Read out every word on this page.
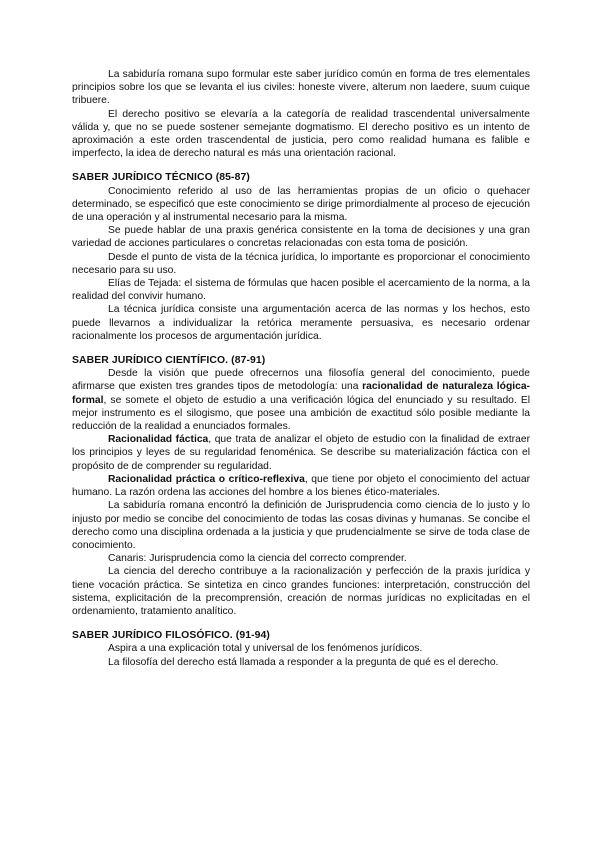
La sabiduría romana supo formular este saber jurídico común en forma de tres elementales principios sobre los que se levanta el ius civiles: honeste vivere, alterum non laedere, suum cuique tribuere.

El derecho positivo se elevaría a la categoría de realidad trascendental universalmente válida y, que no se puede sostener semejante dogmatismo. El derecho positivo es un intento de aproximación a este orden trascendental de justicia, pero como realidad humana es falible e imperfecto, la idea de derecho natural es más una orientación racional.

SABER JURÍDICO TÉCNICO (85-87)

Conocimiento referido al uso de las herramientas propias de un oficio o quehacer determinado, se especificó que este conocimiento se dirige primordialmente al proceso de ejecución de una operación y al instrumental necesario para la misma.

Se puede hablar de una praxis genérica consistente en la toma de decisiones y una gran variedad de acciones particulares o concretas relacionadas con esta toma de posición.

Desde el punto de vista de la técnica jurídica, lo importante es proporcionar el conocimiento necesario para su uso.

Elías de Tejada: el sistema de fórmulas que hacen posible el acercamiento de la norma, a la realidad del convivir humano.

La técnica jurídica consiste una argumentación acerca de las normas y los hechos, esto puede llevarnos a individualizar la retórica meramente persuasiva, es necesario ordenar racionalmente los procesos de argumentación jurídica.

SABER JURÍDICO CIENTÍFICO. (87-91)

Desde la visión que puede ofrecernos una filosofía general del conocimiento, puede afirmarse que existen tres grandes tipos de metodología: una racionalidad de naturaleza lógica-formal, se somete el objeto de estudio a una verificación lógica del enunciado y su resultado. El mejor instrumento es el silogismo, que posee una ambición de exactitud sólo posible mediante la reducción de la realidad a enunciados formales.

Racionalidad fáctica, que trata de analizar el objeto de estudio con la finalidad de extraer los principios y leyes de su regularidad fenoménica. Se describe su materialización fáctica con el propósito de de comprender su regularidad.

Racionalidad práctica o crítico-reflexiva, que tiene por objeto el conocimiento del actuar humano. La razón ordena las acciones del hombre a los bienes ético-materiales.

La sabiduría romana encontró la definición de Jurisprudencia como ciencia de lo justo y lo injusto por medio se concibe del conocimiento de todas las cosas divinas y humanas. Se concibe el derecho como una disciplina ordenada a la justicia y que prudencialmente se sirve de toda clase de conocimiento.

Canaris: Jurisprudencia como la ciencia del correcto comprender.

La ciencia del derecho contribuye a la racionalización y perfección de la praxis jurídica y tiene vocación práctica. Se sintetiza en cinco grandes funciones: interpretación, construcción del sistema, explicitación de la precomprensión, creación de normas jurídicas no explicitadas en el ordenamiento, tratamiento analítico.

SABER JURÍDICO FILOSÓFICO. (91-94)

Aspira a una explicación total y universal de los fenómenos jurídicos.

La filosofía del derecho está llamada a responder a la pregunta de qué es el derecho.
